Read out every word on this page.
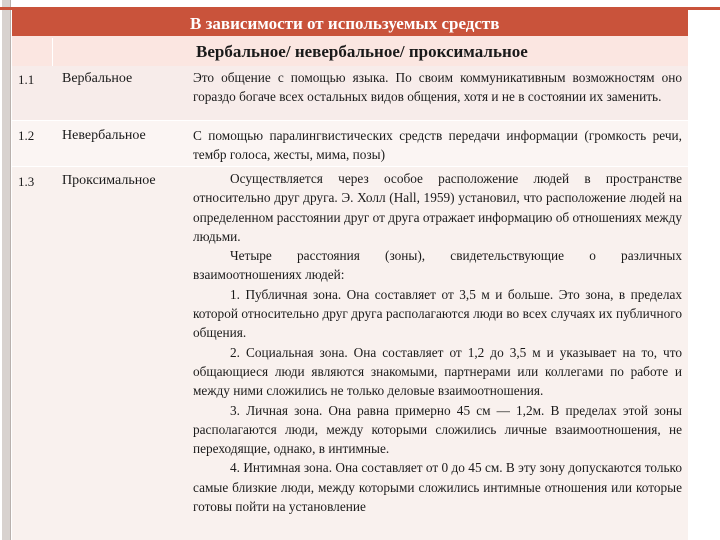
В зависимости от используемых средств
Вербальное/ невербальное/ проксимальное
1.1 Вербальное	Это общение с помощью языка. По своим коммуникативным возможностям оно гораздо богаче всех остальных видов общения, хотя и не в состоянии их заменить.

1.2 Невербальное	С помощью паралингвистических средств передачи информации (громкость речи, тембр голоса, жесты, мима, позы)

1.3 Проксимальное	Осуществляется через особое расположение людей в пространстве относительно друг друга. Э. Холл (Hall, 1959) установил, что расположение людей на определенном расстоянии друг от друга отражает информацию об отношениях между людьми.

Четыре расстояния (зоны), свидетельствующие о различных взаимоотношениях людей:

1. Публичная зона. Она составляет от 3,5 м и больше. Это зона, в пределах которой относительно друг друга располагаются люди во всех случаях их публичного общения.

2. Социальная зона. Она составляет от 1,2 до 3,5 м и указывает на то, что общающиеся люди являются знакомыми, партнерами или коллегами по работе и между ними сложились не только деловые взаимоотношения.

3. Личная зона. Она равна примерно 45 см — 1,2м. В пределах этой зоны располагаются люди, между которыми сложились личные взаимоотношения, не переходящие, однако, в интимные.

4. Интимная зона. Она составляет от 0 до 45 см. В эту зону допускаются только самые близкие люди, между которыми сложились интимные отношения или которые готовы пойти на установление
